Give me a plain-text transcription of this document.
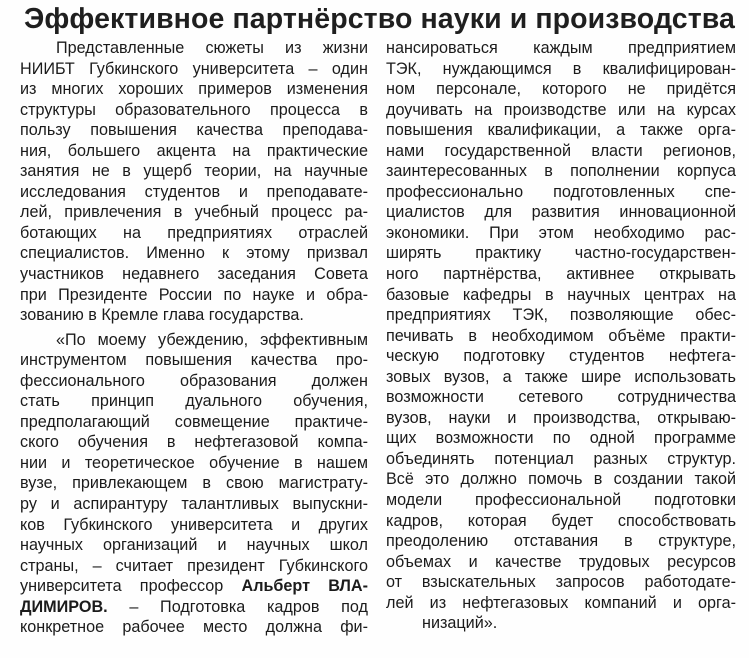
Эффективное партнёрство науки и производства
Представленные сюжеты из жизни
НИИБТ Губкинского университета – один
из многих хороших примеров изменения
структуры образовательного процесса в
пользу повышения качества преподава-
ния, большего акцента на практические
занятия не в ущерб теории, на научные
исследования студентов и преподавате-
лей, привлечения в учебный процесс ра-
ботающих на предприятиях отраслей
специалистов. Именно к этому призвал
участников недавнего заседания Совета
при Президенте России по науке и обра-
зованию в Кремле глава государства.
«По моему убеждению, эффективным
инструментом повышения качества про-
фессионального образования должен
стать принцип дуального обучения,
предполагающий совмещение практиче-
ского обучения в нефтегазовой компа-
нии и теоретическое обучение в нашем
вузе, привлекающем в свою магистрату-
ру и аспирантуру талантливых выпускни-
ков Губкинского университета и других
научных организаций и научных школ
страны, – считает президент Губкинского
университета профессор Альберт ВЛА-
ДИМИРОВ. – Подготовка кадров под
конкретное рабочее место должна фи-
нансироваться каждым предприятием
ТЭК, нуждающимся в квалифицирован-
ном персонале, которого не придётся
доучивать на производстве или на курсах
повышения квалификации, а также орга-
нами государственной власти регионов,
заинтересованных в пополнении корпуса
профессионально подготовленных спе-
циалистов для развития инновационной
экономики. При этом необходимо рас-
ширять практику частно-государствен-
ного партнёрства, активнее открывать
базовые кафедры в научных центрах на
предприятиях ТЭК, позволяющие обес-
печивать в необходимом объёме практи-
ческую подготовку студентов нефтега-
зовых вузов, а также шире использовать
возможности сетевого сотрудничества
вузов, науки и производства, открываю-
щих возможности по одной программе
объединять потенциал разных структур.
Всё это должно помочь в создании такой
модели профессиональной подготовки
кадров, которая будет способствовать
преодолению отставания в структуре,
объемах и качестве трудовых ресурсов
от взыскательных запросов работодате-
лей из нефтегазовых компаний и орга-
низаций».
